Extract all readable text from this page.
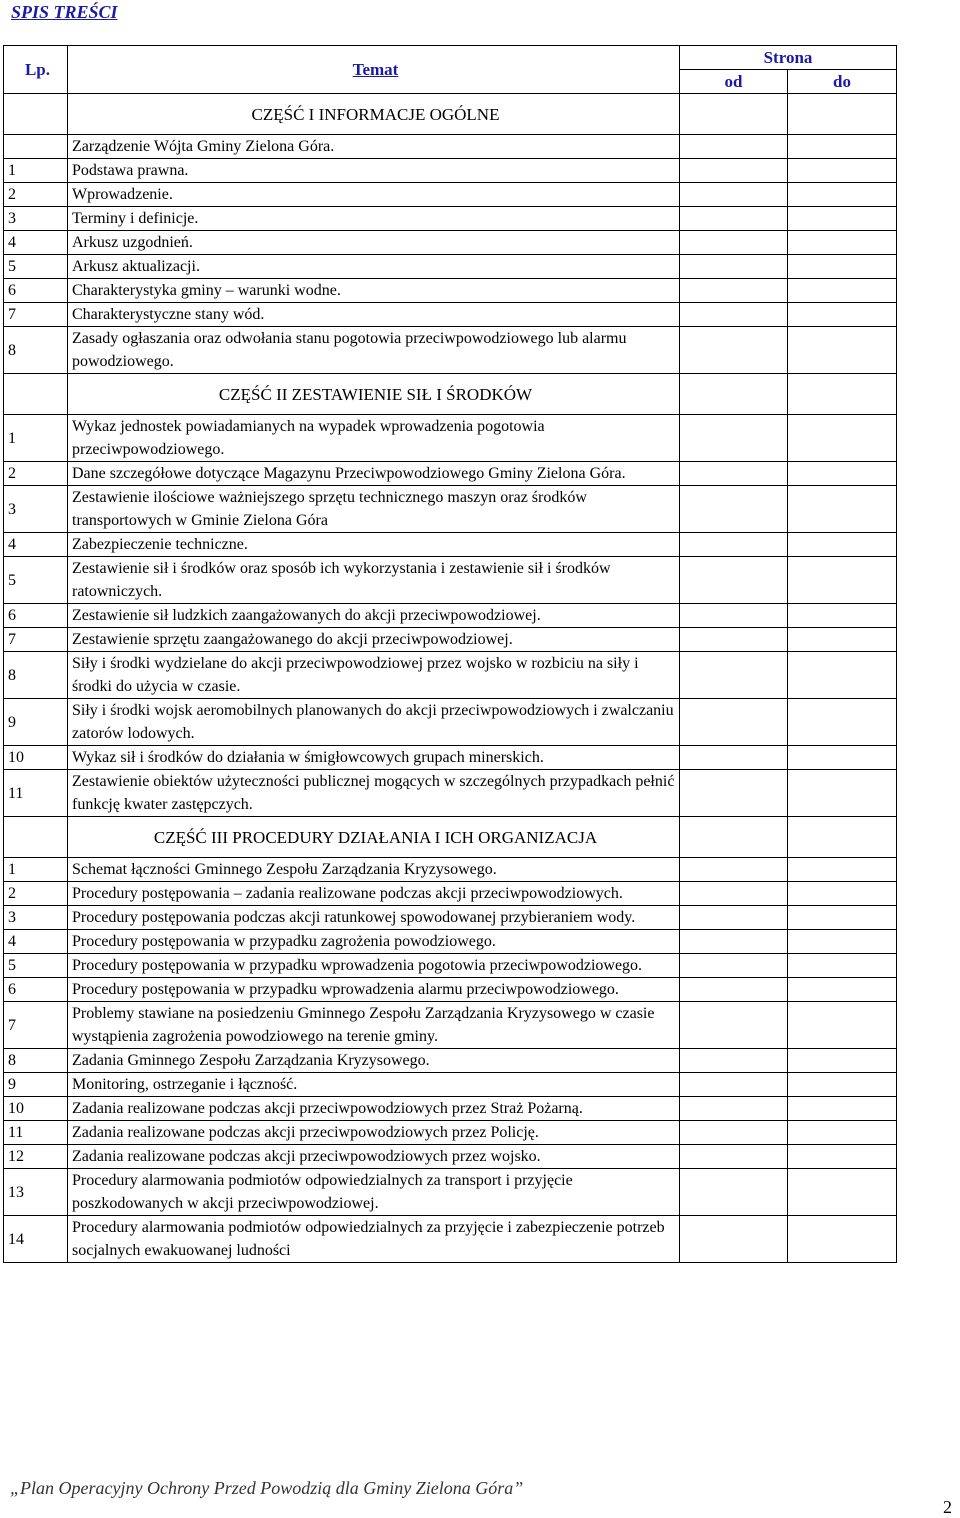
SPIS TREŚCI
Lp.	Temat	Strona	
		od	do
	CZĘŚĆ I INFORMACJE OGÓLNE		
	Zarządzenie Wójta Gminy Zielona Góra.		
1	Podstawa prawna.		
2	Wprowadzenie.		
3	Terminy i definicje.		
4	Arkusz uzgodnień.		
5	Arkusz aktualizacji.		
6	Charakterystyka gminy – warunki wodne.		
7	Charakterystyczne stany wód.		
8	Zasady ogłaszania oraz odwołania stanu pogotowia przeciwpowodziowego lub alarmu powodziowego.		
	CZĘŚĆ II ZESTAWIENIE SIŁ I ŚRODKÓW		
1	Wykaz jednostek powiadamianych na wypadek wprowadzenia pogotowia przeciwpowodziowego.		
2	Dane szczegółowe dotyczące Magazynu Przeciwpowodziowego Gminy Zielona Góra.		
3	Zestawienie ilościowe ważniejszego sprzętu technicznego maszyn oraz środków transportowych w Gminie Zielona Góra		
4	Zabezpieczenie techniczne.		
5	Zestawienie sił i środków oraz sposób ich wykorzystania i zestawienie sił i środków ratowniczych.		
6	Zestawienie sił ludzkich zaangażowanych do akcji przeciwpowodziowej.		
7	Zestawienie sprzętu zaangażowanego do akcji przeciwpowodziowej.		
8	Siły i środki wydzielane do akcji przeciwpowodziowej przez wojsko w rozbiciu na siły i środki do użycia w czasie.		
9	Siły i środki wojsk aeromobilnych planowanych do akcji przeciwpowodziowych i zwalczaniu zatorów lodowych.		
10	Wykaz sił i środków do działania w śmigłowcowych grupach minerskich.		
11	Zestawienie obiektów użyteczności publicznej mogących w szczególnych przypadkach pełnić funkcję kwater zastępczych.		
	CZĘŚĆ III PROCEDURY DZIAŁANIA I ICH ORGANIZACJA		
1	Schemat łączności Gminnego Zespołu Zarządzania Kryzysowego.		
2	Procedury postępowania – zadania realizowane podczas akcji przeciwpowodziowych.		
3	Procedury postępowania podczas akcji ratunkowej spowodowanej przybieraniem wody.		
4	Procedury postępowania w przypadku zagrożenia powodziowego.		
5	Procedury postępowania w przypadku wprowadzenia pogotowia przeciwpowodziowego.		
6	Procedury postępowania w przypadku wprowadzenia alarmu przeciwpowodziowego.		
7	Problemy stawiane na posiedzeniu Gminnego Zespołu Zarządzania Kryzysowego w czasie wystąpienia zagrożenia powodziowego na terenie gminy.		
8	Zadania Gminnego Zespołu Zarządzania Kryzysowego.		
9	Monitoring, ostrzeganie i łączność.		
10	Zadania realizowane podczas akcji przeciwpowodziowych przez Straż Pożarną.		
11	Zadania realizowane podczas akcji przeciwpowodziowych przez Policję.		
12	Zadania realizowane podczas akcji przeciwpowodziowych przez wojsko.		
13	Procedury alarmowania podmiotów odpowiedzialnych za transport i przyjęcie poszkodowanych w akcji przeciwpowodziowej.		
14	Procedury alarmowania podmiotów odpowiedzialnych za przyjęcie i zabezpieczenie potrzeb socjalnych ewakuowanej ludności		
„Plan Operacyjny Ochrony Przed Powodzią dla Gminy Zielona Góra”
2
